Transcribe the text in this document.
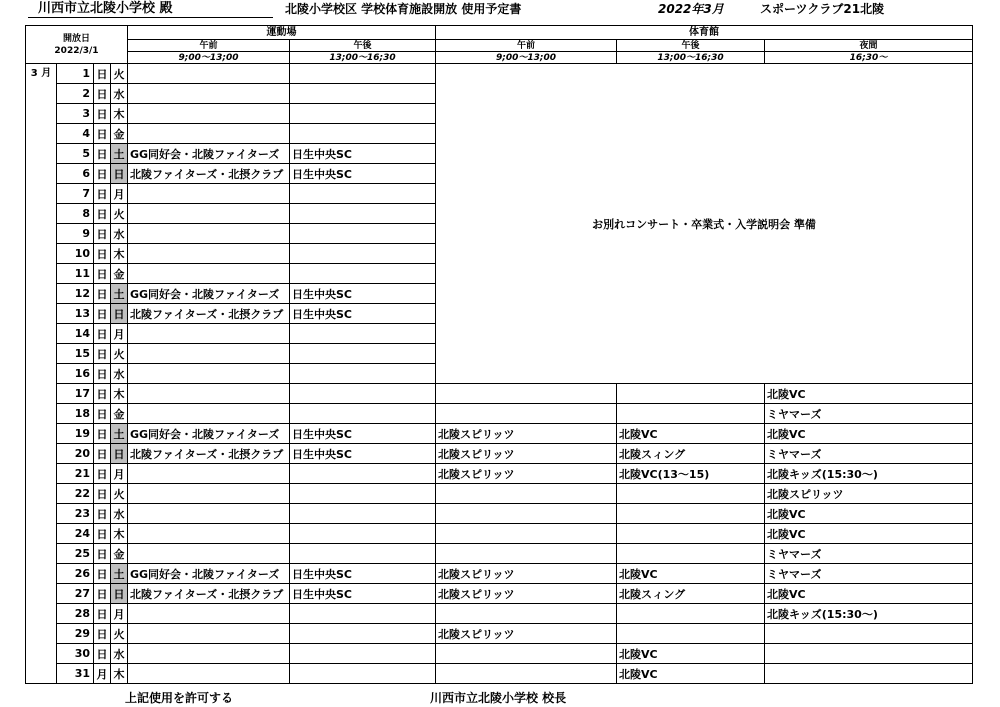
川西市立北陵小学校 殿	北陵小学校区 学校体育施設開放 使用予定書	2022年3月	スポーツクラブ21北陵
開放日
2022/3/1				運動場		体育館		
				午前	午後	午前	午後	夜間
				9;00～13;00	13;00～16;30	9;00～13;00	13;00～16;30	16;30～
3 月	1	日	火			お別れコンサート・卒業式・入学説明会 準備		
	2	日	水					
	3	日	木					
	4	日	金					
	5	日	土	GG同好会・北陵ファイターズ	日生中央SC			
	6	日	日	北陵ファイターズ・北摂クラブ	日生中央SC			
	7	日	月					
	8	日	火					
	9	日	水					
	10	日	木					
	11	日	金					
	12	日	土	GG同好会・北陵ファイターズ	日生中央SC			
	13	日	日	北陵ファイターズ・北摂クラブ	日生中央SC			
	14	日	月					
	15	日	火					
	16	日	水					
	17	日	木					北陵VC
	18	日	金					ミヤマーズ
	19	日	土	GG同好会・北陵ファイターズ	日生中央SC	北陵スピリッツ	北陵VC	北陵VC
	20	日	日	北陵ファイターズ・北摂クラブ	日生中央SC	北陵スピリッツ	北陵スィング	ミヤマーズ
	21	日	月			北陵スピリッツ	北陵VC(13～15)	北陵キッズ(15:30～)
	22	日	火					北陵スピリッツ
	23	日	水					北陵VC
	24	日	木					北陵VC
	25	日	金					ミヤマーズ
	26	日	土	GG同好会・北陵ファイターズ	日生中央SC	北陵スピリッツ	北陵VC	ミヤマーズ
	27	日	日	北陵ファイターズ・北摂クラブ	日生中央SC	北陵スピリッツ	北陵スィング	北陵VC
	28	日	月					北陵キッズ(15:30～)
	29	日	火			北陵スピリッツ		
	30	日	水				北陵VC	
	31	月	木				北陵VC	
上記使用を許可する	川西市立北陵小学校 校長
